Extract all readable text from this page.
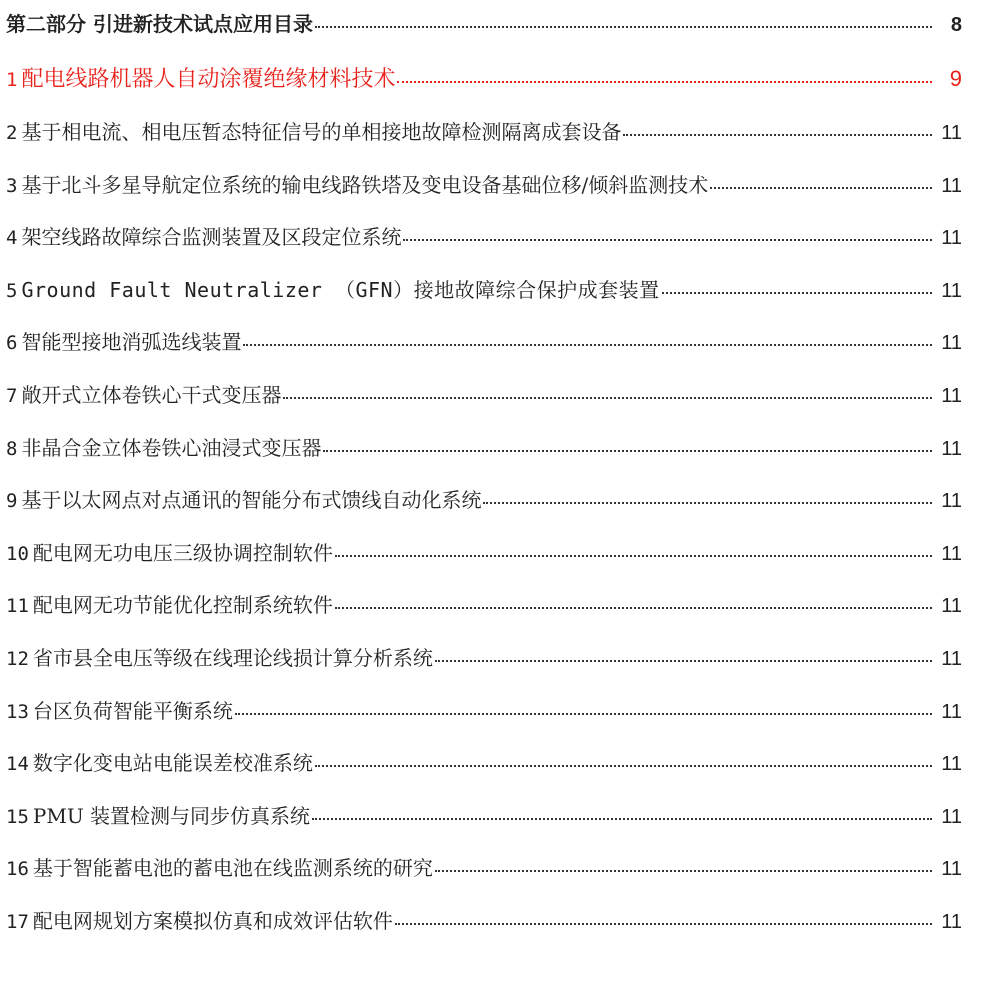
第二部分 引进新技术试点应用目录	8
1 配电线路机器人自动涂覆绝缘材料技术	9
2 基于相电流、相电压暂态特征信号的单相接地故障检测隔离成套设备	11
3 基于北斗多星导航定位系统的输电线路铁塔及变电设备基础位移/倾斜监测技术	11
4 架空线路故障综合监测装置及区段定位系统	11
5 Ground Fault Neutralizer （GFN）接地故障综合保护成套装置	11
6 智能型接地消弧选线装置	11
7 敞开式立体卷铁心干式变压器	11
8 非晶合金立体卷铁心油浸式变压器	11
9 基于以太网点对点通讯的智能分布式馈线自动化系统	11
10 配电网无功电压三级协调控制软件	11
11 配电网无功节能优化控制系统软件	11
12 省市县全电压等级在线理论线损计算分析系统	11
13 台区负荷智能平衡系统	11
14 数字化变电站电能误差校准系统	11
15 PMU 装置检测与同步仿真系统	11
16 基于智能蓄电池的蓄电池在线监测系统的研究	11
17 配电网规划方案模拟仿真和成效评估软件	11
